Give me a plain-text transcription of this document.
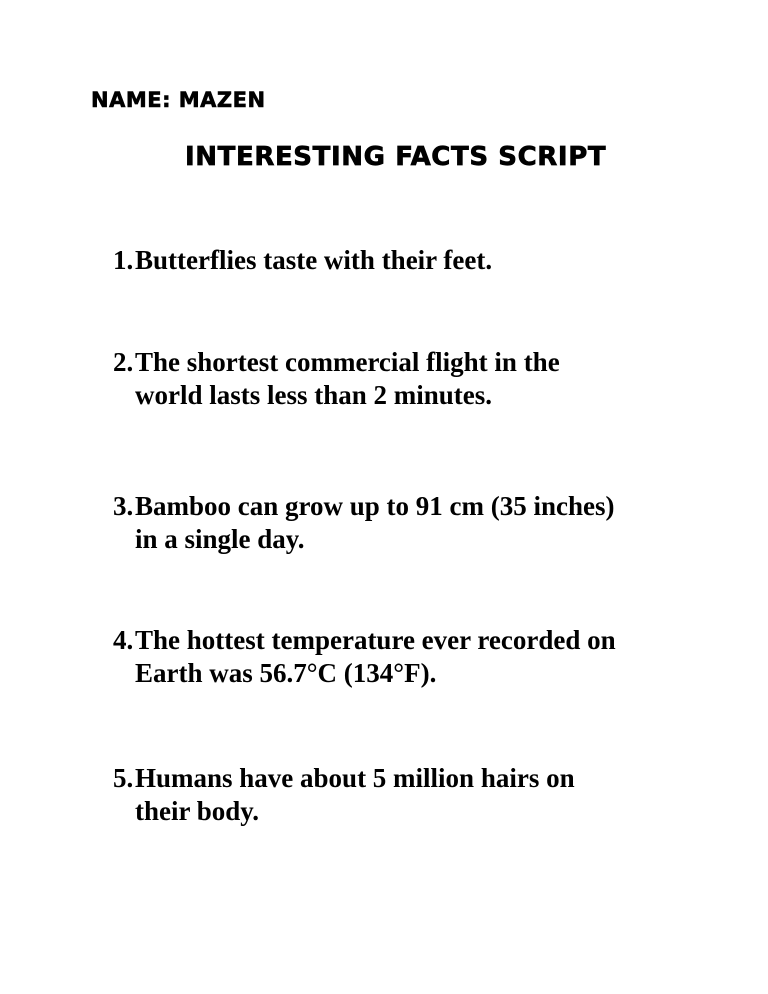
NAME: MAZEN
INTERESTING FACTS SCRIPT
1.Butterflies taste with their feet.
2.The shortest commercial flight in the
world lasts less than 2 minutes.
3.Bamboo can grow up to 91 cm (35 inches)
in a single day.
4.The hottest temperature ever recorded on
Earth was 56.7°C (134°F).
5.Humans have about 5 million hairs on
their body.
